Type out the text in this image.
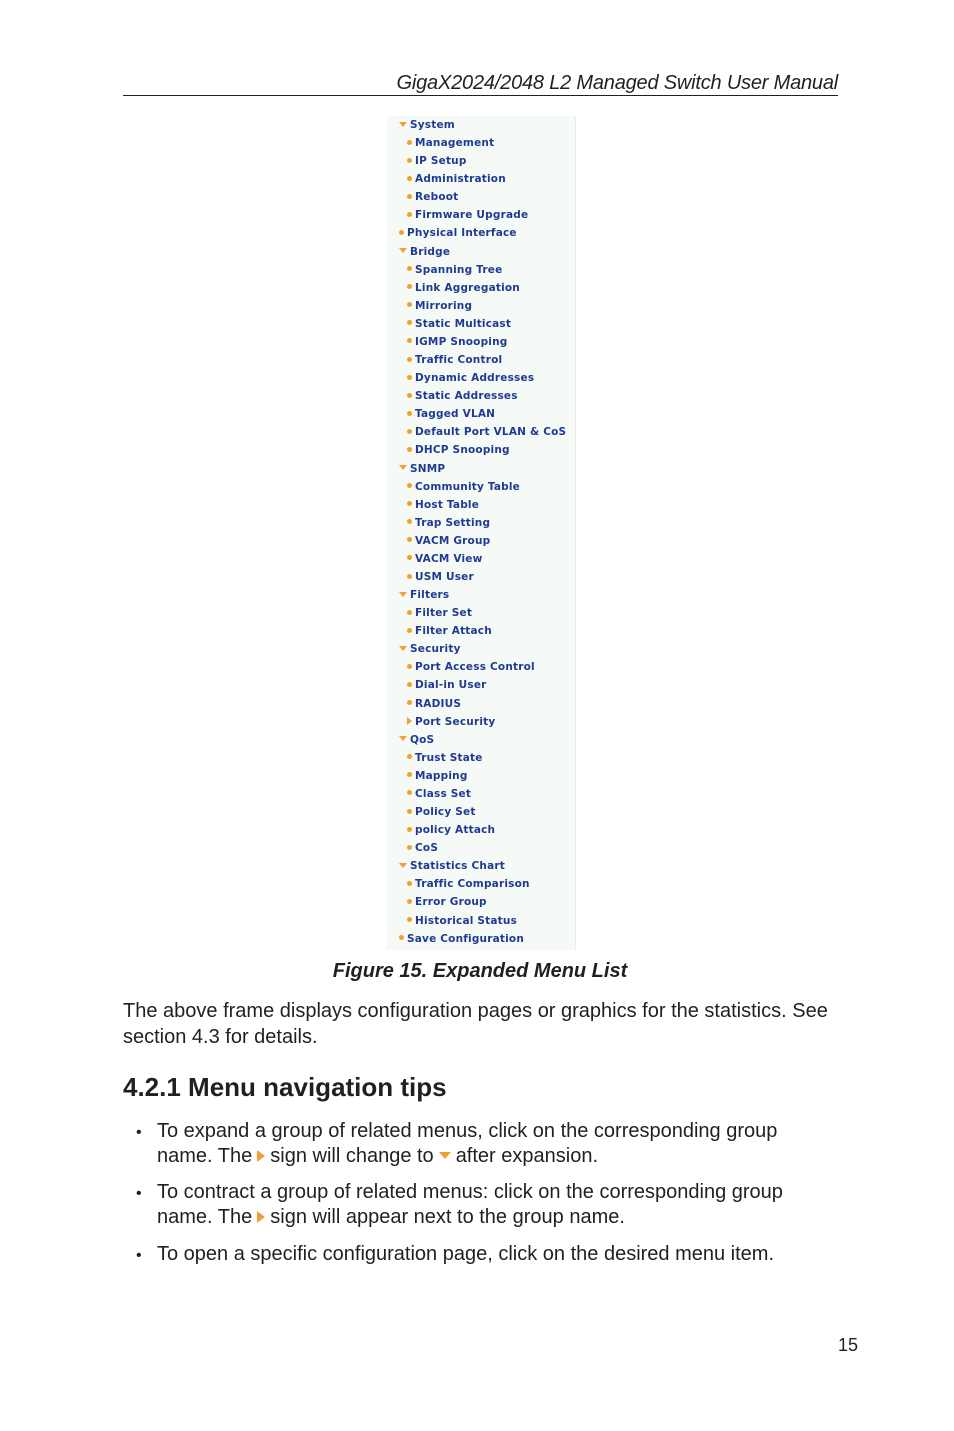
GigaX2024/2048 L2 Managed Switch User Manual
System
Management
IP Setup
Administration
Reboot
Firmware Upgrade
Physical Interface
Bridge
Spanning Tree
Link Aggregation
Mirroring
Static Multicast
IGMP Snooping
Traffic Control
Dynamic Addresses
Static Addresses
Tagged VLAN
Default Port VLAN & CoS
DHCP Snooping
SNMP
Community Table
Host Table
Trap Setting
VACM Group
VACM View
USM User
Filters
Filter Set
Filter Attach
Security
Port Access Control
Dial-in User
RADIUS
Port Security
QoS
Trust State
Mapping
Class Set
Policy Set
policy Attach
CoS
Statistics Chart
Traffic Comparison
Error Group
Historical Status
Save Configuration
Figure 15. Expanded Menu List
The above frame displays configuration pages or graphics for the statistics. See
section 4.3 for details.
4.2.1 Menu navigation tips
• To expand a group of related menus, click on the corresponding group
name. The sign will change to after expansion.
• To contract a group of related menus: click on the corresponding group
name. The sign will appear next to the group name.
• To open a specific configuration page, click on the desired menu item.
15
